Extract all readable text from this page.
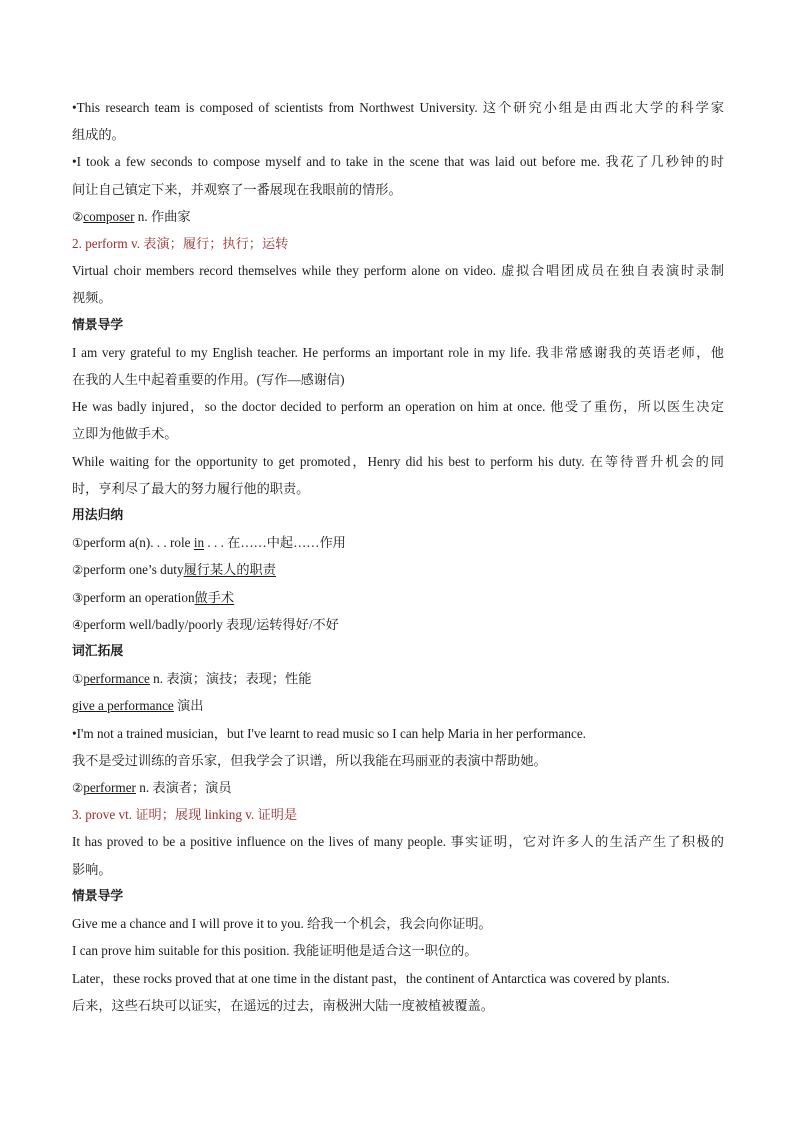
•This research team is composed of scientists from Northwest University. 这个研究小组是由西北大学的科学家
组成的。
•I took a few seconds to compose myself and to take in the scene that was laid out before me. 我花了几秒钟的时
间让自己镇定下来，并观察了一番展现在我眼前的情形。
②composer n. 作曲家
2. perform v. 表演；履行；执行；运转
Virtual choir members record themselves while they perform alone on video. 虚拟合唱团成员在独自表演时录制
视频。
情景导学
I am very grateful to my English teacher. He performs an important role in my life. 我非常感谢我的英语老师，他
在我的人生中起着重要的作用。(写作—感谢信)
He was badly injured，so the doctor decided to perform an operation on him at once. 他受了重伤，所以医生决定
立即为他做手术。
While waiting for the opportunity to get promoted，Henry did his best to perform his duty. 在等待晋升机会的同
时，亨利尽了最大的努力履行他的职责。
用法归纳
①perform a(n). . . role in . . . 在……中起……作用
②perform one’s duty履行某人的职责
③perform an operation做手术
④perform well/badly/poorly 表现/运转得好/不好
词汇拓展
①performance n. 表演；演技；表现；性能
give a performance 演出
•I'm not a trained musician，but I've learnt to read music so I can help Maria in her performance.
我不是受过训练的音乐家，但我学会了识谱，所以我能在玛丽亚的表演中帮助她。
②performer n. 表演者；演员
3. prove vt. 证明；展现 linking v. 证明是
It has proved to be a positive influence on the lives of many people. 事实证明，它对许多人的生活产生了积极的
影响。
情景导学
Give me a chance and I will prove it to you. 给我一个机会，我会向你证明。
I can prove him suitable for this position. 我能证明他是适合这一职位的。
Later，these rocks proved that at one time in the distant past，the continent of Antarctica was covered by plants.
后来，这些石块可以证实，在遥远的过去，南极洲大陆一度被植被覆盖。
